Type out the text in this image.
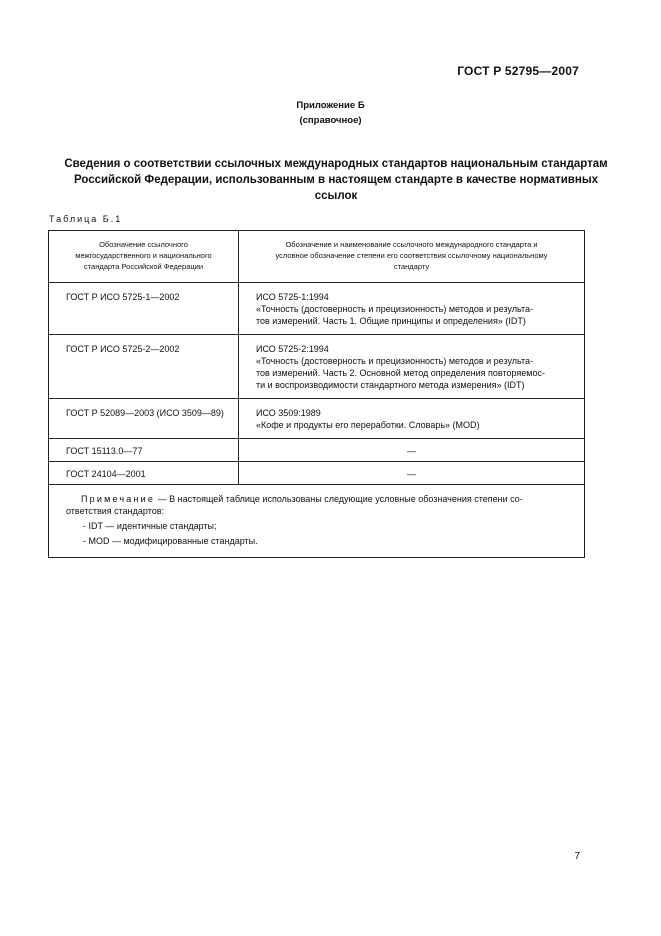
ГОСТ Р 52795—2007
Приложение Б
(справочное)
Сведения о соответствии ссылочных международных стандартов национальным стандартам
Российской Федерации, использованным в настоящем стандарте в качестве нормативных
ссылок
Таблица Б.1
Обозначение ссылочного
межгосударственного и национального
стандарта Российской Федерации	Обозначение и наименование ссылочного международного стандарта и
условное обозначение степени его соответствия ссылочному национальному
стандарту

ГОСТ Р ИСО 5725-1—2002	ИСО 5725-1:1994
«Точность (достоверность и прецизионность) методов и результа-
тов измерений. Часть 1. Общие принципы и определения» (IDT)

ГОСТ Р ИСО 5725-2—2002	ИСО 5725-2:1994
«Точность (достоверность и прецизионность) методов и результа-
тов измерений. Часть 2. Основной метод определения повторяемос-
ти и воспроизводимости стандартного метода измерения» (IDT)

ГОСТ Р 52089—2003 (ИСО 3509—89)	ИСО 3509:1989
«Кофе и продукты его переработки. Словарь» (MOD)

ГОСТ 15113.0—77	—
ГОСТ 24104—2001	—

Примечание — В настоящей таблице использованы следующие условные обозначения степени со-
ответствия стандартов:
- IDT — идентичные стандарты;
- MOD — модифицированные стандарты.	
7
